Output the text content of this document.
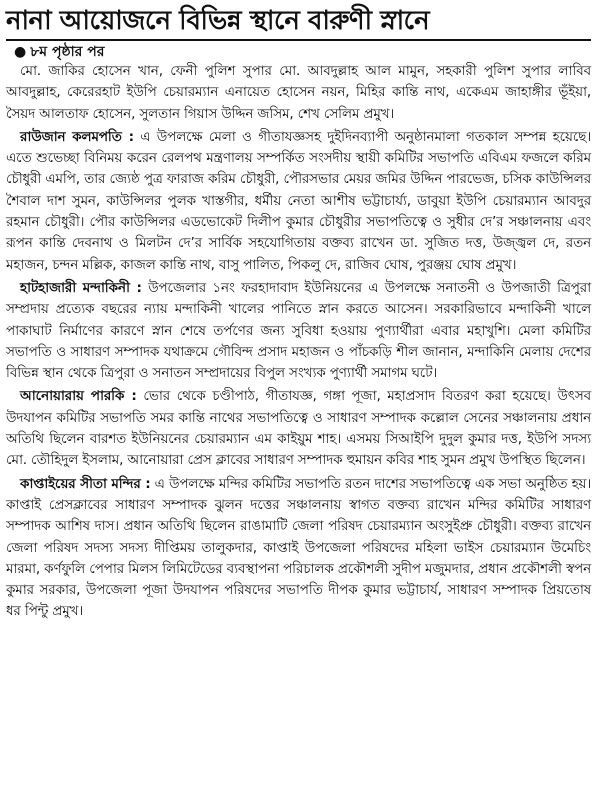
নানা আয়োজনে বিভিন্ন স্থানে বারুণী স্নানে
● ৮ম পৃষ্ঠার পর

মো. জাকির হোসেন খান, ফেনী পুলিশ সুপার মো. আবদুল্লাহ আল মামুন, সহকারী পুলিশ সুপার লাবিব আবদুল্লাহ, কেরেরহাট ইউপি চেয়ারম্যান এনায়েত হোসেন নয়ন, মিহির কান্তি নাথ, একেএম জাহাঙ্গীর ভূঁইয়া, সৈয়দ আলতাফ হোসেন, সুলতান গিয়াস উদ্দিন জসিম, শেখ সেলিম প্রমুখ।

রাউজান কলমপতি : এ উপলক্ষে মেলা ও গীতাযজ্ঞসহ দুইদিনব্যাপী অনুষ্ঠানমালা গতকাল সম্পন্ন হয়েছে। এতে শুভেচ্ছা বিনিময় করেন রেলপথ মন্ত্রণালয় সম্পর্কিত সংসদীয় স্থায়ী কমিটির সভাপতি এবিএম ফজলে করিম চৌধুরী এমপি, তার জ্যেষ্ঠ পুত্র ফারাজ করিম চৌধুরী, পৌরসভার মেয়র জমির উদ্দিন পারভেজ, চসিক কাউন্সিলর শৈবাল দাশ সুমন, কাউন্সিলর পুলক খাস্তগীর, ধর্মীয় নেতা আশীষ ভট্টাচার্য্য, ডাবুয়া ইউপি চেয়ারম্যান আবদুর রহমান চৌধুরী। পৌর কাউন্সিলর এডভোকেট দিলীপ কুমার চৌধুরীর সভাপতিত্বে ও সুধীর দে’র সঞ্চালনায় এবং রূপন কান্তি দেবনাথ ও মিলটন দে’র সার্বিক সহযোগিতায় বক্তব্য রাখেন ডা. সুজিত দত্ত, উজ্জ্বল দে, রতন মহাজন, চন্দন মল্লিক, কাজল কান্তি নাথ, বাসু পালিত, পিকলু দে, রাজিব ঘোষ, পুরঞ্জয় ঘোষ প্রমুখ।

হাটহাজারী মন্দাকিনী : উপজেলার ১নং ফরহাদাবাদ ইউনিয়নের এ উপলক্ষে সনাতনী ও উপজাতী ত্রিপুরা সম্প্রদায় প্রত্যেক বছরের ন্যায় মন্দাকিনী খালের পানিতে স্নান করতে আসেন। সরকারিভাবে মন্দাকিনী খালে পাকাঘাট নির্মাণের কারণে স্নান শেষে তর্পণের জন্য সুবিধা হওয়ায় পুণ্যার্থীরা এবার মহাখুশি। মেলা কমিটির সভাপতি ও সাধারণ সম্পাদক যথাক্রমে গৌবিন্দ প্রসাদ মহাজন ও পাঁচকড়ি শীল জানান, মন্দাকিনি মেলায় দেশের বিভিন্ন স্থান থেকে ত্রিপুরা ও সনাতন সম্প্রদায়ের বিপুল সংখ্যক পুণ্যার্থী সমাগম ঘটে।

আনোয়ারায় পারকি : ভোর থেকে চণ্ডীপাঠ, গীতাযজ্ঞ, গঙ্গা পূজা, মহাপ্রসাদ বিতরণ করা হয়েছে। উৎসব উদযাপন কমিটির সভাপতি সমর কান্তি নাথের সভাপতিত্বে ও সাধারণ সম্পাদক কল্লোল সেনের সঞ্চালনায় প্রধান অতিথি ছিলেন বারশত ইউনিয়নের চেয়ারম্যান এম কাইয়ুম শাহ। এসময় সিআইপি দুদুল কুমার দত্ত, ইউপি সদস্য মো. তৌহিদুল ইসলাম, আনোয়ারা প্রেস ক্লাবের সাধারণ সম্পাদক হুমায়ন কবির শাহ সুমন প্রমুখ উপস্থিত ছিলেন।

কাপ্তাইয়ের সীতা মন্দির : এ উপলক্ষে মন্দির কমিটির সভাপতি রতন দাশের সভাপতিত্বে এক সভা অনুষ্ঠিত হয়। কাপ্তাই প্রেসক্লাবের সাধারণ সম্পাদক ঝুলন দত্তের সঞ্চালনায় স্বাগত বক্তব্য রাখেন মন্দির কমিটির সাধারণ সম্পাদক আশিষ দাস। প্রধান অতিথি ছিলেন রাঙামাটি জেলা পরিষদ চেয়ারম্যান অংসুইপ্রু চৌধুরী। বক্তব্য রাখেন জেলা পরিষদ সদস্য সদস্য দীপ্তিময় তালুকদার, কাপ্তাই উপজেলা পরিষদের মহিলা ভাইস চেয়ারম্যান উমেচিং মারমা, কর্ণফুলি পেপার মিলস লিমিটেডের ব্যবস্থাপনা পরিচালক প্রকৌশলী সুদীপ মজুমদার, প্রধান প্রকৌশলী স্বপন কুমার সরকার, উপজেলা পূজা উদযাপন পরিষদের সভাপতি দীপক কুমার ভট্টাচার্য, সাধারণ সম্পাদক প্রিয়তোষ ধর পিন্টু প্রমুখ।
